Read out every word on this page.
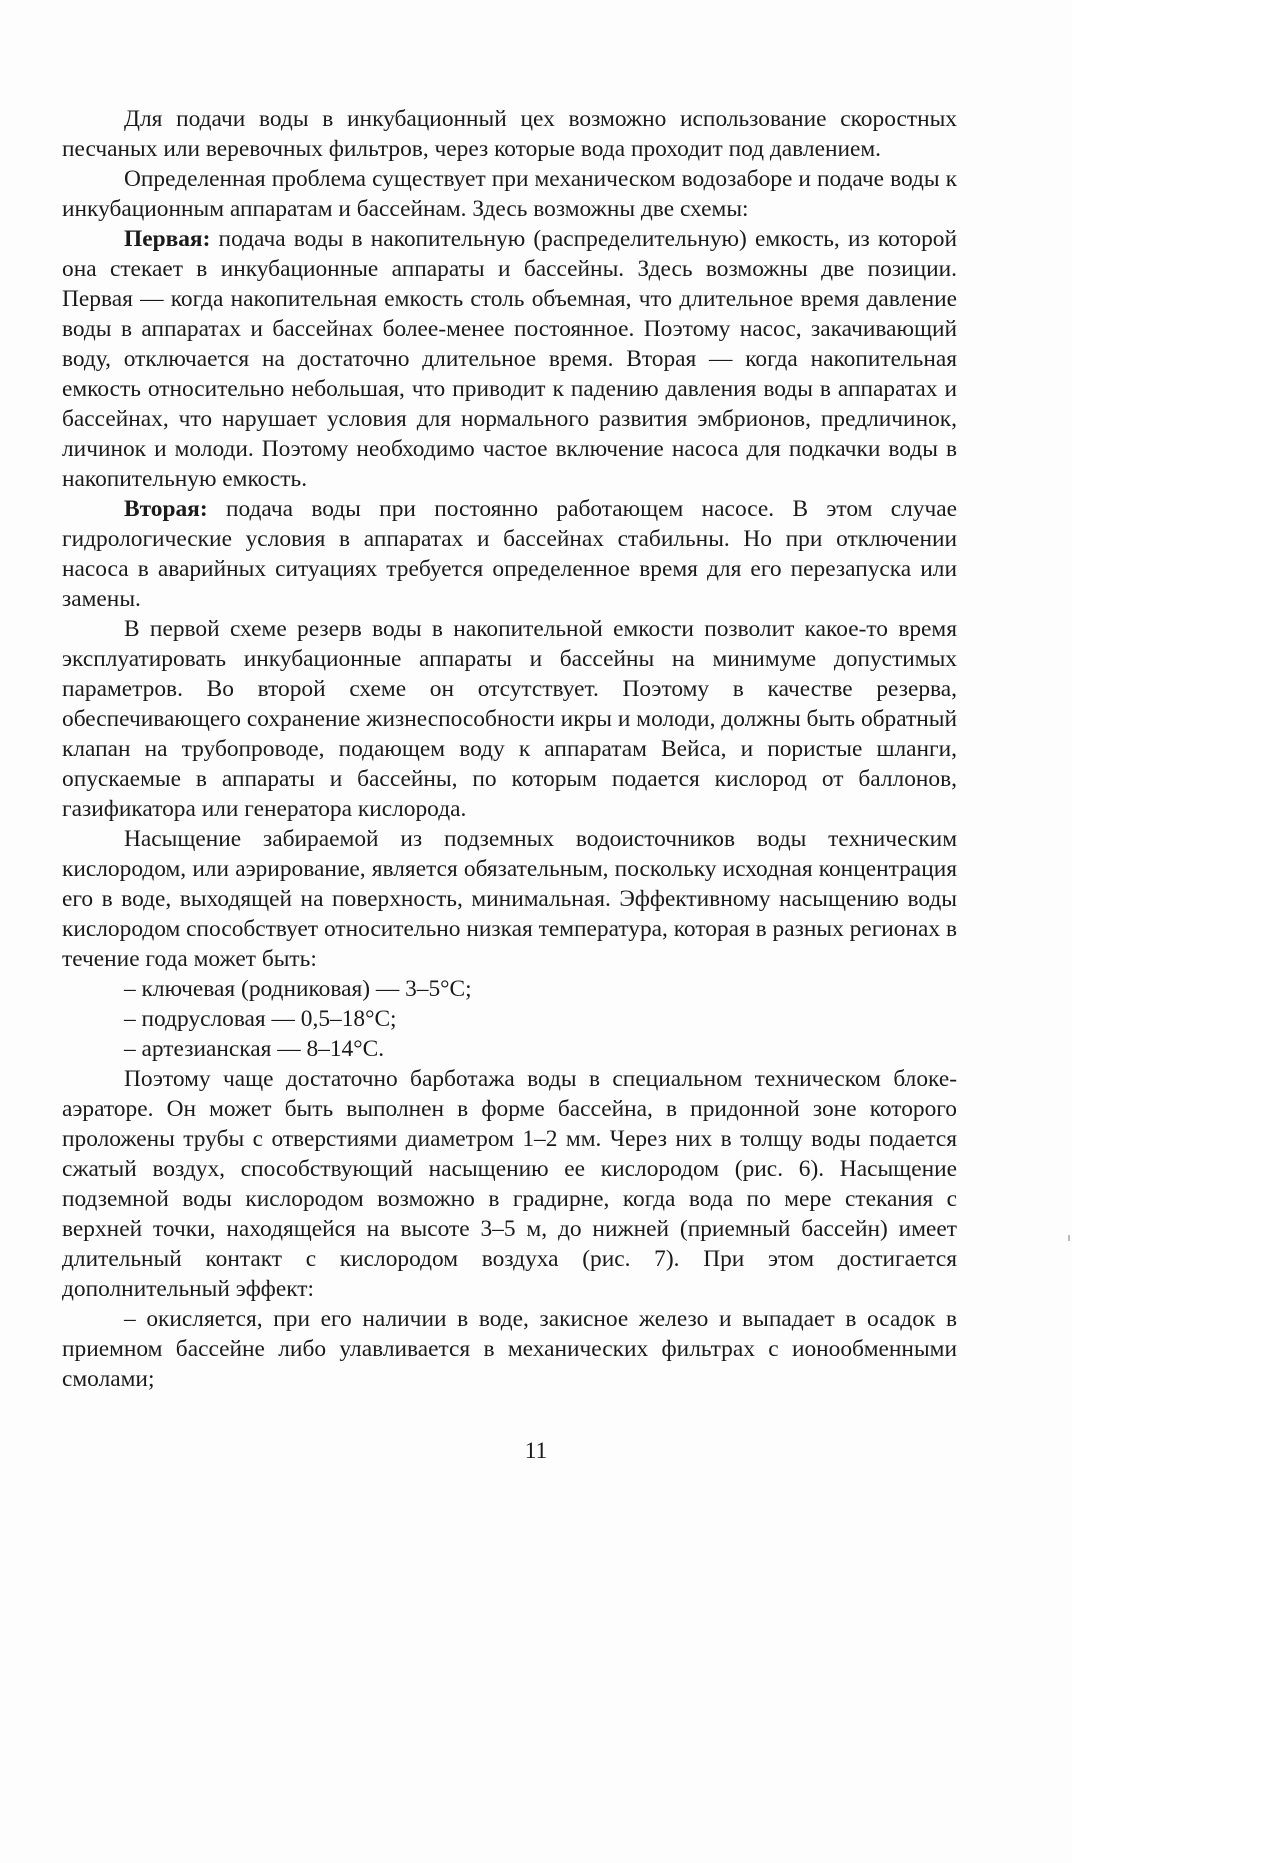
Для подачи воды в инкубационный цех возможно использование скоростных песчаных или веревочных фильтров, через которые вода проходит под давлением.

Определенная проблема существует при механическом водозаборе и подаче воды к инкубационным аппаратам и бассейнам. Здесь возможны две схемы:

Первая: подача воды в накопительную (распределительную) емкость, из которой она стекает в инкубационные аппараты и бассейны. Здесь возможны две позиции. Первая — когда накопительная емкость столь объемная, что длительное время давление воды в аппаратах и бассейнах более-менее постоянное. Поэтому насос, закачивающий воду, отключается на достаточно длительное время. Вторая — когда накопительная емкость относительно небольшая, что приводит к падению давления воды в аппаратах и бассейнах, что нарушает условия для нормального развития эмбрионов, предличинок, личинок и молоди. Поэтому необходимо частое включение насоса для подкачки воды в накопительную емкость.

Вторая: подача воды при постоянно работающем насосе. В этом случае гидрологические условия в аппаратах и бассейнах стабильны. Но при отключении насоса в аварийных ситуациях требуется определенное время для его перезапуска или замены.

В первой схеме резерв воды в накопительной емкости позволит какое-то время эксплуатировать инкубационные аппараты и бассейны на минимуме допустимых параметров. Во второй схеме он отсутствует. Поэтому в качестве резерва, обеспечивающего сохранение жизнеспособности икры и молоди, должны быть обратный клапан на трубопроводе, подающем воду к аппаратам Вейса, и пористые шланги, опускаемые в аппараты и бассейны, по которым подается кислород от баллонов, газификатора или генератора кислорода.

Насыщение забираемой из подземных водоисточников воды техническим кислородом, или аэрирование, является обязательным, поскольку исходная концентрация его в воде, выходящей на поверхность, минимальная. Эффективному насыщению воды кислородом способствует относительно низкая температура, которая в разных регионах в течение года может быть:

– ключевая (родниковая) — 3–5°С;

– подрусловая — 0,5–18°С;

– артезианская — 8–14°С.

Поэтому чаще достаточно барботажа воды в специальном техническом блоке-аэраторе. Он может быть выполнен в форме бассейна, в придонной зоне которого проложены трубы с отверстиями диаметром 1–2 мм. Через них в толщу воды подается сжатый воздух, способствующий насыщению ее кислородом (рис. 6). Насыщение подземной воды кислородом возможно в градирне, когда вода по мере стекания с верхней точки, находящейся на высоте 3–5 м, до нижней (приемный бассейн) имеет длительный контакт с кислородом воздуха (рис. 7). При этом достигается дополнительный эффект:

– окисляется, при его наличии в воде, закисное железо и выпадает в осадок в приемном бассейне либо улавливается в механических фильтрах с ионообменными смолами;

11
